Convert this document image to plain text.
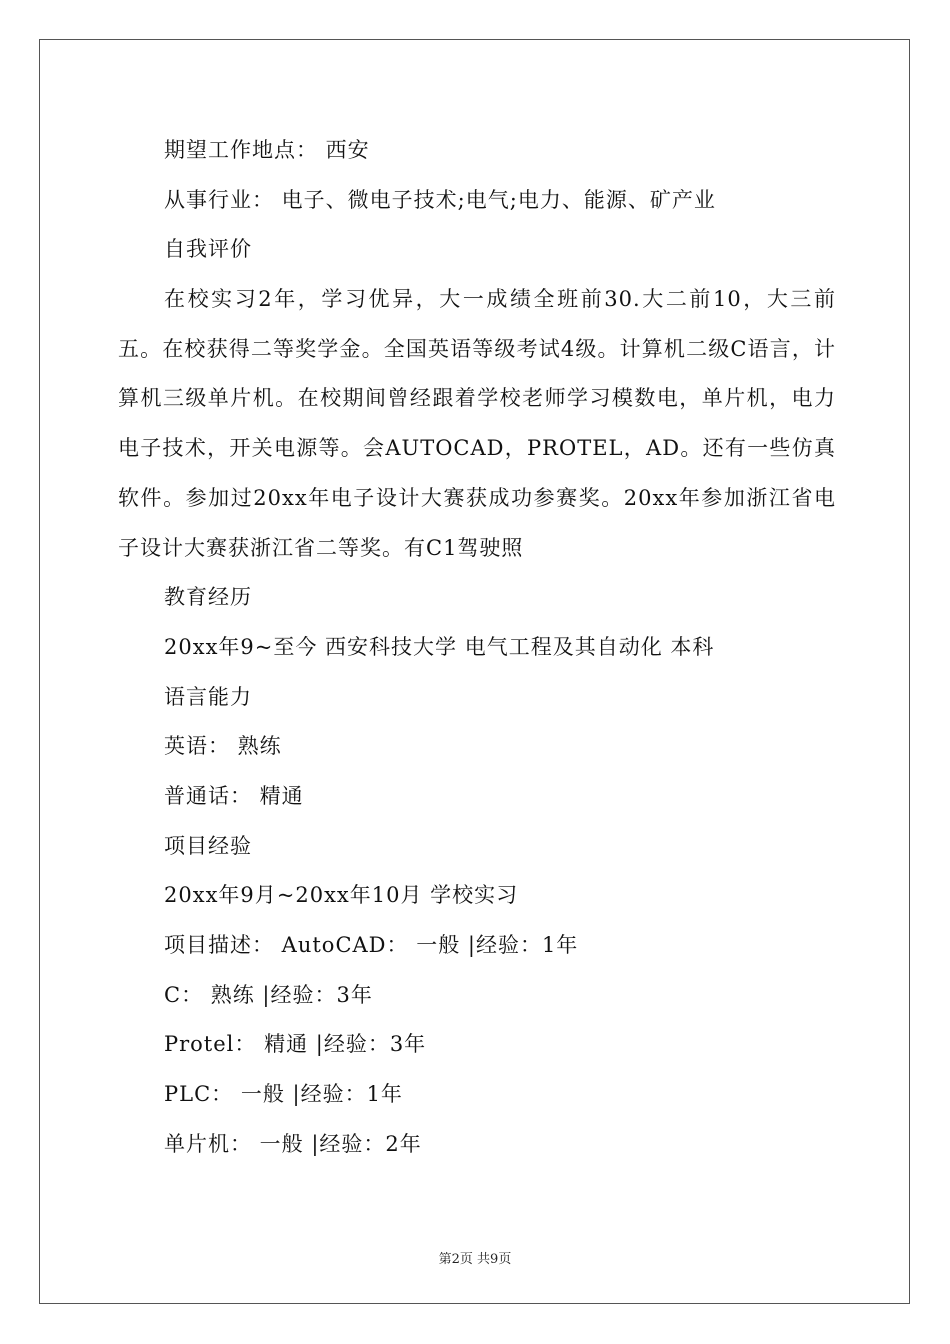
期望工作地点： 西安
从事行业： 电子、微电子技术;电气;电力、能源、矿产业
自我评价
在校实习2年，学习优异，大一成绩全班前30.大二前10，大三前五。在校获得二等奖学金。全国英语等级考试4级。计算机二级C语言，计算机三级单片机。在校期间曾经跟着学校老师学习模数电，单片机，电力电子技术，开关电源等。会AUTOCAD，PROTEL，AD。还有一些仿真软件。参加过20xx年电子设计大赛获成功参赛奖。20xx年参加浙江省电子设计大赛获浙江省二等奖。有C1驾驶照
教育经历
20xx年9~至今 西安科技大学 电气工程及其自动化 本科
语言能力
英语： 熟练
普通话： 精通
项目经验
20xx年9月~20xx年10月 学校实习
项目描述： AutoCAD： 一般 |经验：1年
C： 熟练 |经验：3年
Protel： 精通 |经验：3年
PLC： 一般 |经验：1年
单片机： 一般 |经验：2年
第2页 共9页
